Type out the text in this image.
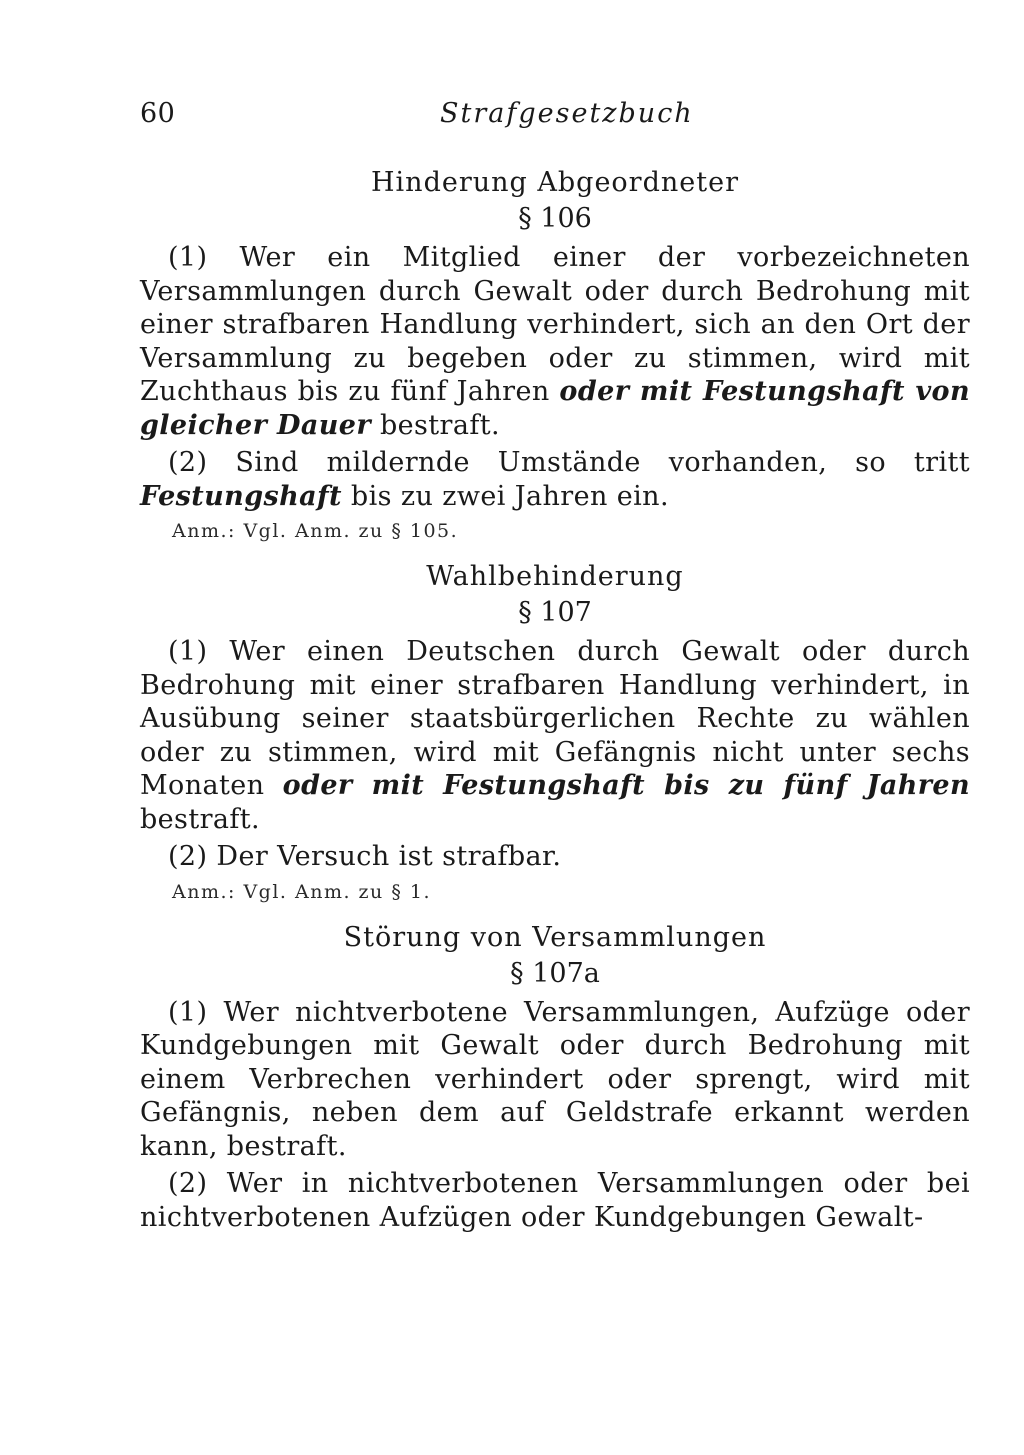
60	Strafgesetzbuch

Hinderung Abgeordneter

§ 106

(1) Wer ein Mitglied einer der vorbezeichneten Versammlungen durch Gewalt oder durch Bedrohung mit einer strafbaren Handlung verhindert, sich an den Ort der Versammlung zu begeben oder zu stimmen, wird mit Zuchthaus bis zu fünf Jahren oder mit Festungshaft von gleicher Dauer bestraft.

(2) Sind mildernde Umstände vorhanden, so tritt Festungshaft bis zu zwei Jahren ein.

Anm.: Vgl. Anm. zu § 105.

Wahlbehinderung

§ 107

(1) Wer einen Deutschen durch Gewalt oder durch Bedrohung mit einer strafbaren Handlung verhindert, in Ausübung seiner staatsbürgerlichen Rechte zu wählen oder zu stimmen, wird mit Gefängnis nicht unter sechs Monaten oder mit Festungshaft bis zu fünf Jahren bestraft.

(2) Der Versuch ist strafbar.

Anm.: Vgl. Anm. zu § 1.

Störung von Versammlungen

§ 107a

(1) Wer nichtverbotene Versammlungen, Aufzüge oder Kundgebungen mit Gewalt oder durch Bedrohung mit einem Verbrechen verhindert oder sprengt, wird mit Gefängnis, neben dem auf Geldstrafe erkannt werden kann, bestraft.

(2) Wer in nichtverbotenen Versammlungen oder bei nichtverbotenen Aufzügen oder Kundgebungen Gewalt-
